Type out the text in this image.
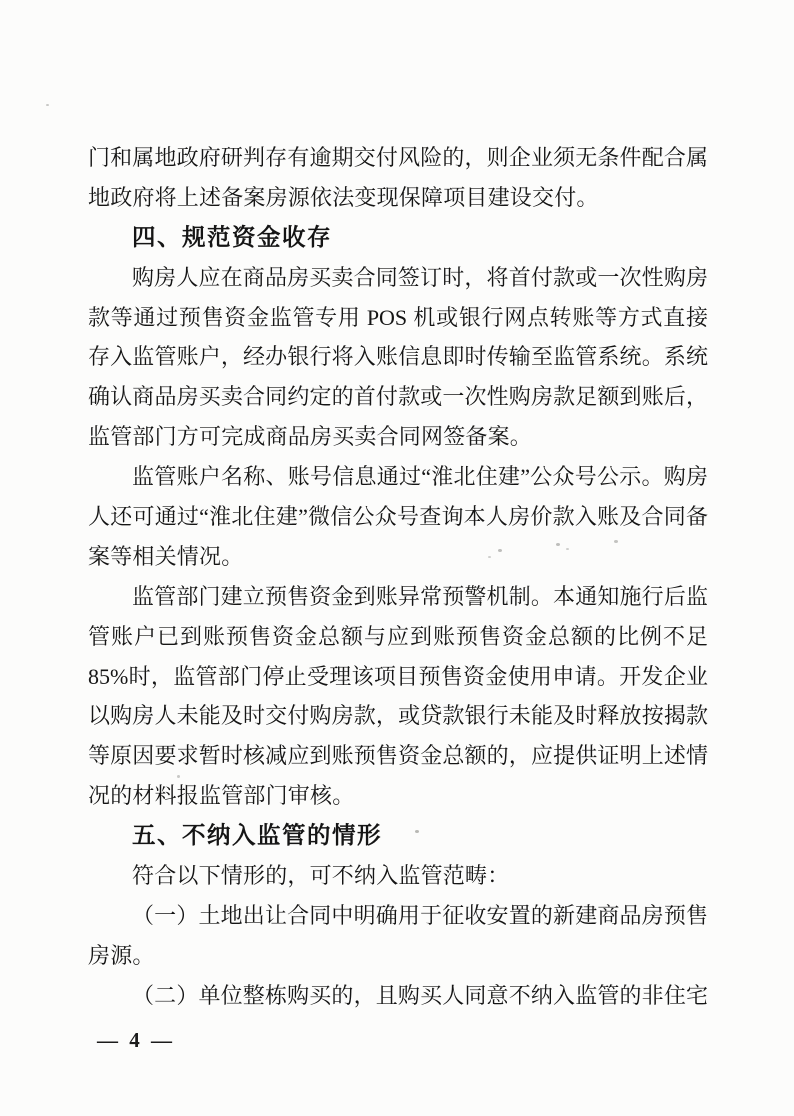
门和属地政府研判存有逾期交付风险的，则企业须无条件配合属
地政府将上述备案房源依法变现保障项目建设交付。
四、规范资金收存
购房人应在商品房买卖合同签订时，将首付款或一次性购房
款等通过预售资金监管专用 POS 机或银行网点转账等方式直接
存入监管账户，经办银行将入账信息即时传输至监管系统。系统
确认商品房买卖合同约定的首付款或一次性购房款足额到账后，
监管部门方可完成商品房买卖合同网签备案。
监管账户名称、账号信息通过“淮北住建”公众号公示。购房
人还可通过“淮北住建”微信公众号查询本人房价款入账及合同备
案等相关情况。
监管部门建立预售资金到账异常预警机制。本通知施行后监
管账户已到账预售资金总额与应到账预售资金总额的比例不足
85%时，监管部门停止受理该项目预售资金使用申请。开发企业
以购房人未能及时交付购房款，或贷款银行未能及时释放按揭款
等原因要求暂时核减应到账预售资金总额的，应提供证明上述情
况的材料报监管部门审核。
五、不纳入监管的情形
符合以下情形的，可不纳入监管范畴：
（一）土地出让合同中明确用于征收安置的新建商品房预售
房源。
（二）单位整栋购买的，且购买人同意不纳入监管的非住宅
— 4 —
